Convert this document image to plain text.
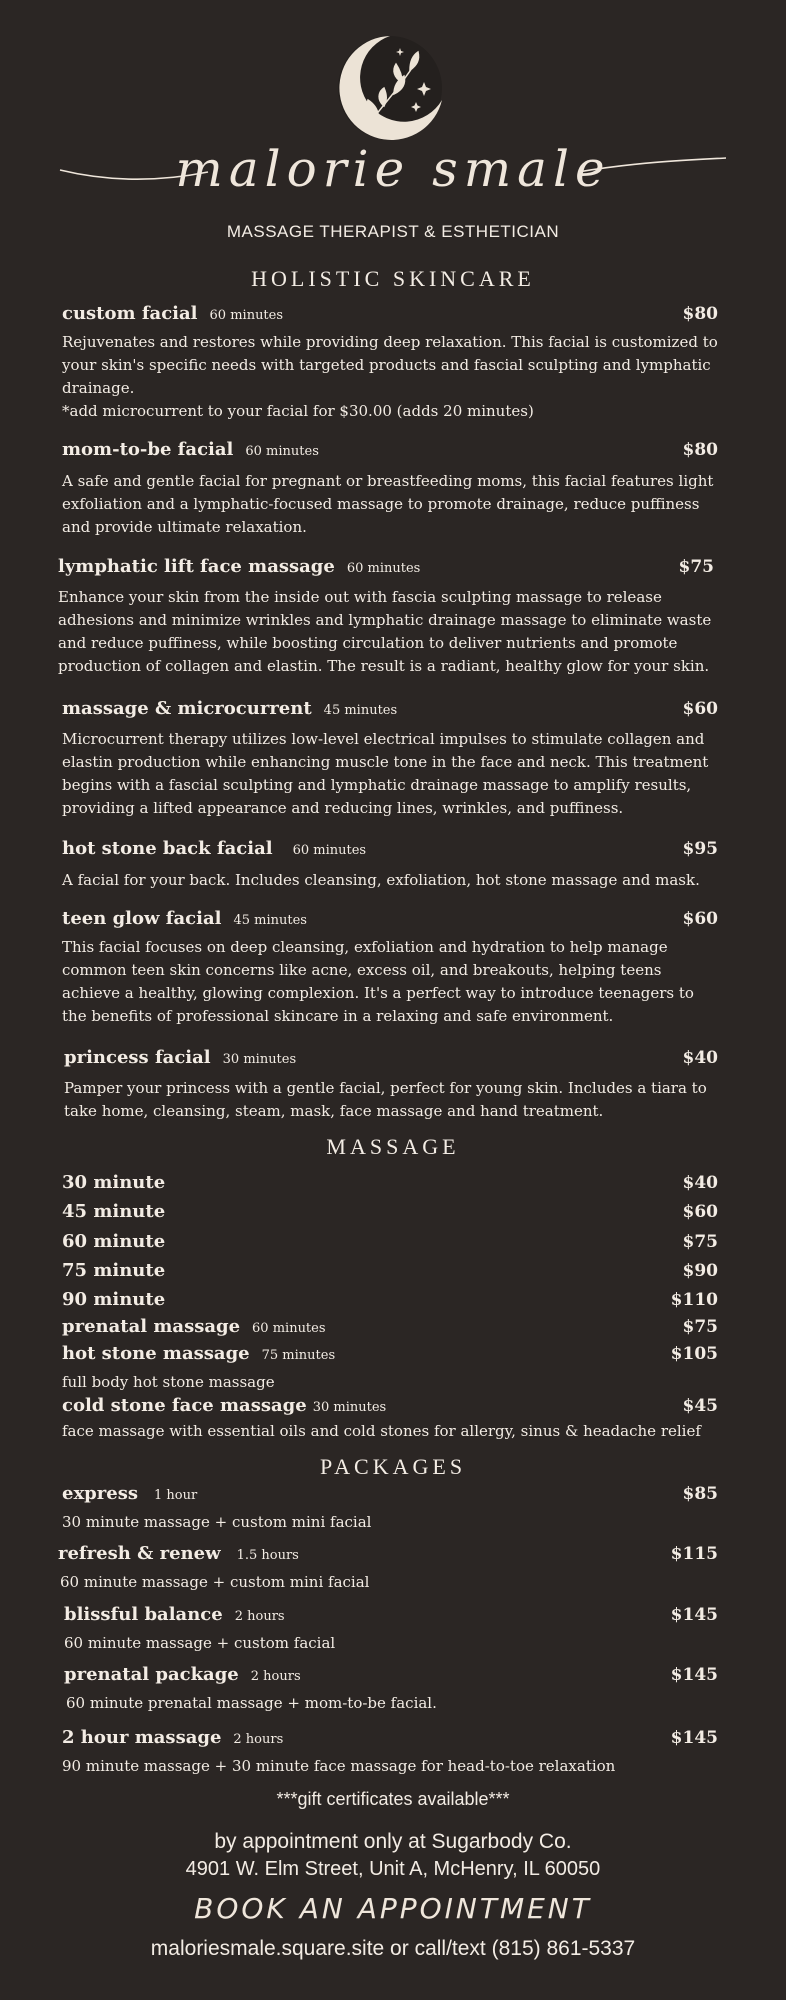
malorie smale
MASSAGE THERAPIST & ESTHETICIAN
HOLISTIC SKINCARE
custom facial 60 minutes	$80
Rejuvenates and restores while providing deep relaxation. This facial is customized to
your skin's specific needs with targeted products and fascial sculpting and lymphatic
drainage.
*add microcurrent to your facial for $30.00 (adds 20 minutes)
mom-to-be facial 60 minutes	$80
A safe and gentle facial for pregnant or breastfeeding moms, this facial features light
exfoliation and a lymphatic-focused massage to promote drainage, reduce puffiness
and provide ultimate relaxation.
lymphatic lift face massage 60 minutes	$75
Enhance your skin from the inside out with fascia sculpting massage to release
adhesions and minimize wrinkles and lymphatic drainage massage to eliminate waste
and reduce puffiness, while boosting circulation to deliver nutrients and promote
production of collagen and elastin. The result is a radiant, healthy glow for your skin.
massage & microcurrent 45 minutes	$60
Microcurrent therapy utilizes low-level electrical impulses to stimulate collagen and
elastin production while enhancing muscle tone in the face and neck. This treatment
begins with a fascial sculpting and lymphatic drainage massage to amplify results,
providing a lifted appearance and reducing lines, wrinkles, and puffiness.
hot stone back facial 60 minutes	$95
A facial for your back. Includes cleansing, exfoliation, hot stone massage and mask.
teen glow facial 45 minutes	$60
This facial focuses on deep cleansing, exfoliation and hydration to help manage
common teen skin concerns like acne, excess oil, and breakouts, helping teens
achieve a healthy, glowing complexion. It's a perfect way to introduce teenagers to
the benefits of professional skincare in a relaxing and safe environment.
princess facial 30 minutes	$40
Pamper your princess with a gentle facial, perfect for young skin. Includes a tiara to
take home, cleansing, steam, mask, face massage and hand treatment.
MASSAGE
30 minute	$40
45 minute	$60
60 minute	$75
75 minute	$90
90 minute	$110
prenatal massage 60 minutes	$75
hot stone massage 75 minutes	$105
full body hot stone massage
cold stone face massage 30 minutes	$45
face massage with essential oils and cold stones for allergy, sinus & headache relief
PACKAGES
express 1 hour	$85
30 minute massage + custom mini facial
refresh & renew 1.5 hours	$115
60 minute massage + custom mini facial
blissful balance 2 hours	$145
60 minute massage + custom facial
prenatal package 2 hours	$145
60 minute prenatal massage + mom-to-be facial.
2 hour massage 2 hours	$145
90 minute massage + 30 minute face massage for head-to-toe relaxation
***gift certificates available***
by appointment only at Sugarbody Co.
4901 W. Elm Street, Unit A, McHenry, IL 60050
BOOK AN APPOINTMENT
maloriesmale.square.site or call/text (815) 861-5337
